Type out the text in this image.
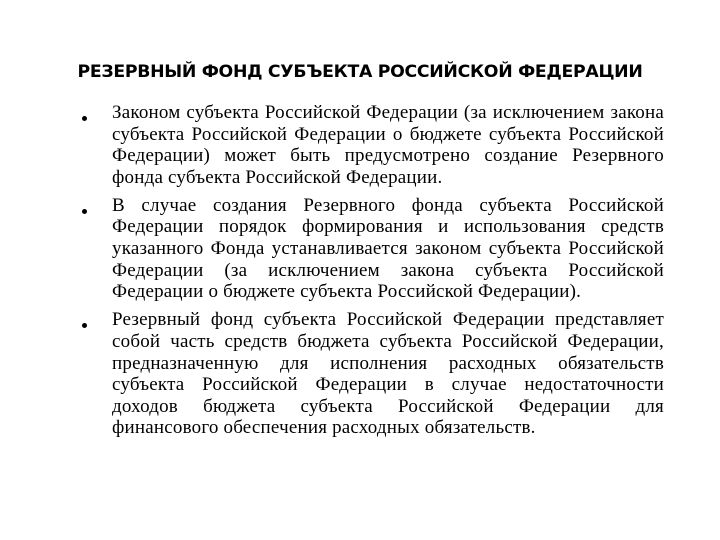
РЕЗЕРВНЫЙ ФОНД СУБЪЕКТА РОССИЙСКОЙ ФЕДЕРАЦИИ
Законом субъекта Российской Федерации (за исключением закона субъекта Российской Федерации о бюджете субъекта Российской Федерации) может быть предусмотрено создание Резервного фонда субъекта Российской Федерации.
В случае создания Резервного фонда субъекта Российской Федерации порядок формирования и использования средств указанного Фонда устанавливается законом субъекта Российской Федерации (за исключением закона субъекта Российской Федерации о бюджете субъекта Российской Федерации).
Резервный фонд субъекта Российской Федерации представляет собой часть средств бюджета субъекта Российской Федерации, предназначенную для исполнения расходных обязательств субъекта Российской Федерации в случае недостаточности доходов бюджета субъекта Российской Федерации для финансового обеспечения расходных обязательств.
